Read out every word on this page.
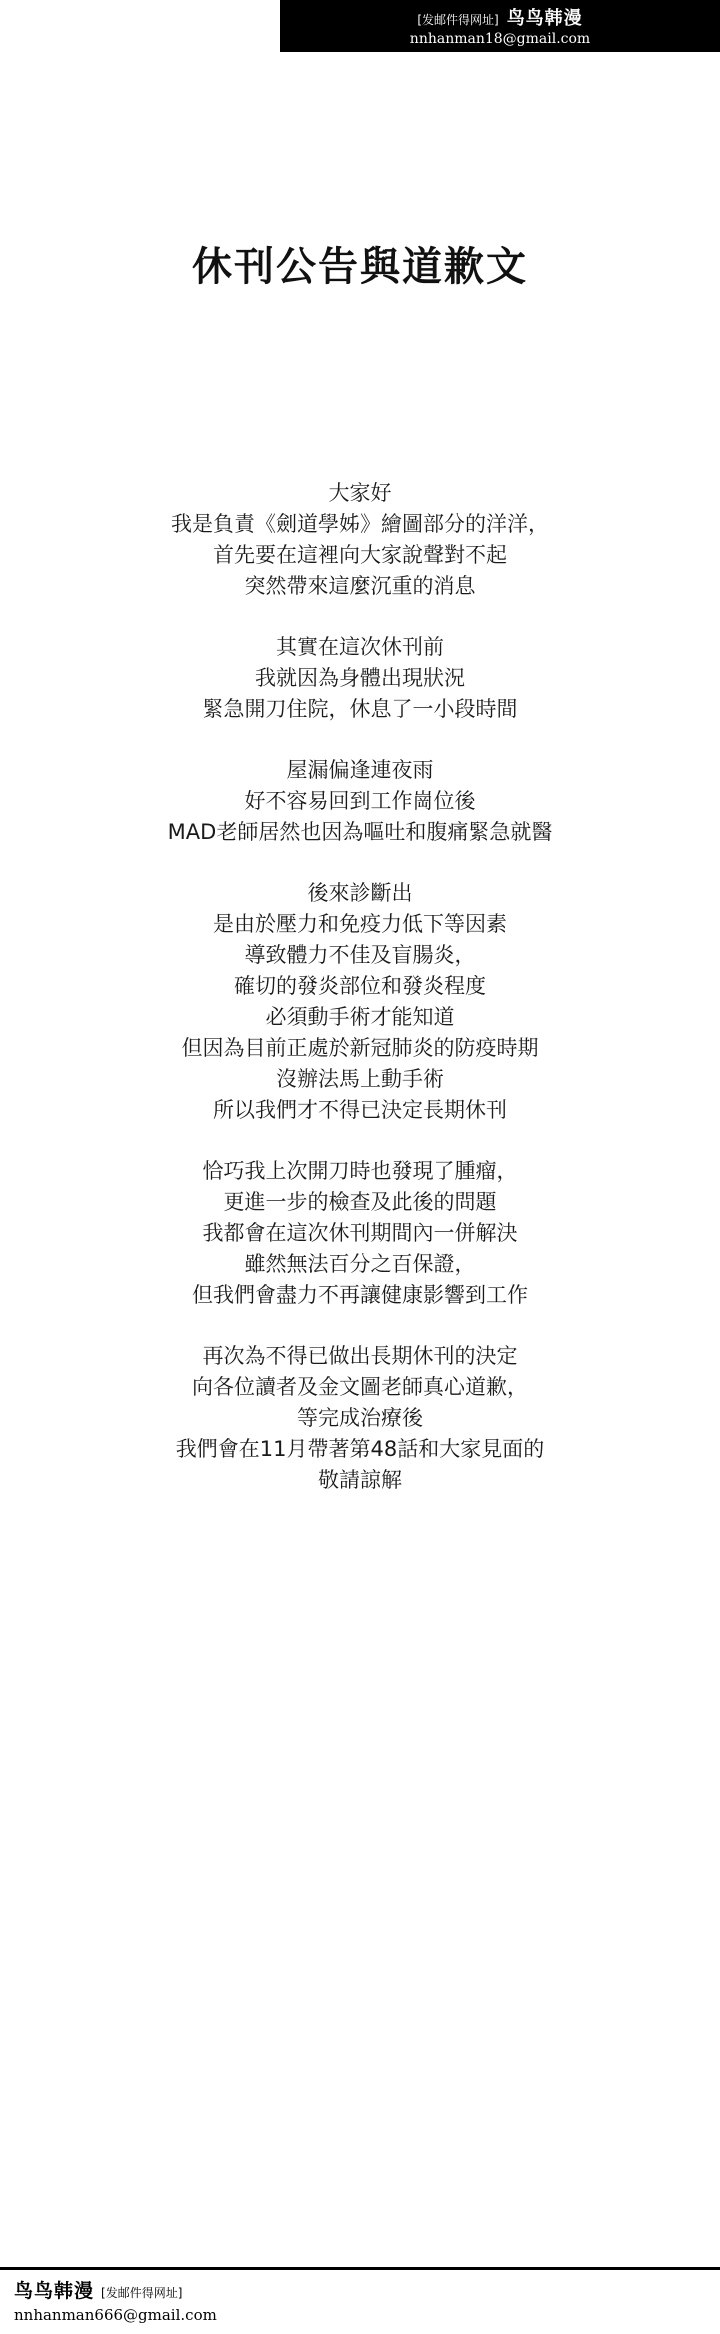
[发邮件得网址] 鸟鸟韩漫
nnhanman18@gmail.com
休刊公告與道歉文
大家好
我是負責《劍道學姊》繪圖部分的洋洋，
首先要在這裡向大家說聲對不起
突然帶來這麼沉重的消息
其實在這次休刊前
我就因為身體出現狀況
緊急開刀住院，休息了一小段時間
屋漏偏逢連夜雨
好不容易回到工作崗位後
MAD老師居然也因為嘔吐和腹痛緊急就醫
後來診斷出
是由於壓力和免疫力低下等因素
導致體力不佳及盲腸炎，
確切的發炎部位和發炎程度
必須動手術才能知道
但因為目前正處於新冠肺炎的防疫時期
沒辦法馬上動手術
所以我們才不得已決定長期休刊
恰巧我上次開刀時也發現了腫瘤，
更進一步的檢查及此後的問題
我都會在這次休刊期間內一併解決
雖然無法百分之百保證，
但我們會盡力不再讓健康影響到工作
再次為不得已做出長期休刊的決定
向各位讀者及金文圖老師真心道歉，
等完成治療後
我們會在11月帶著第48話和大家見面的
敬請諒解
鸟鸟韩漫 [发邮件得网址]
nnhanman666@gmail.com
